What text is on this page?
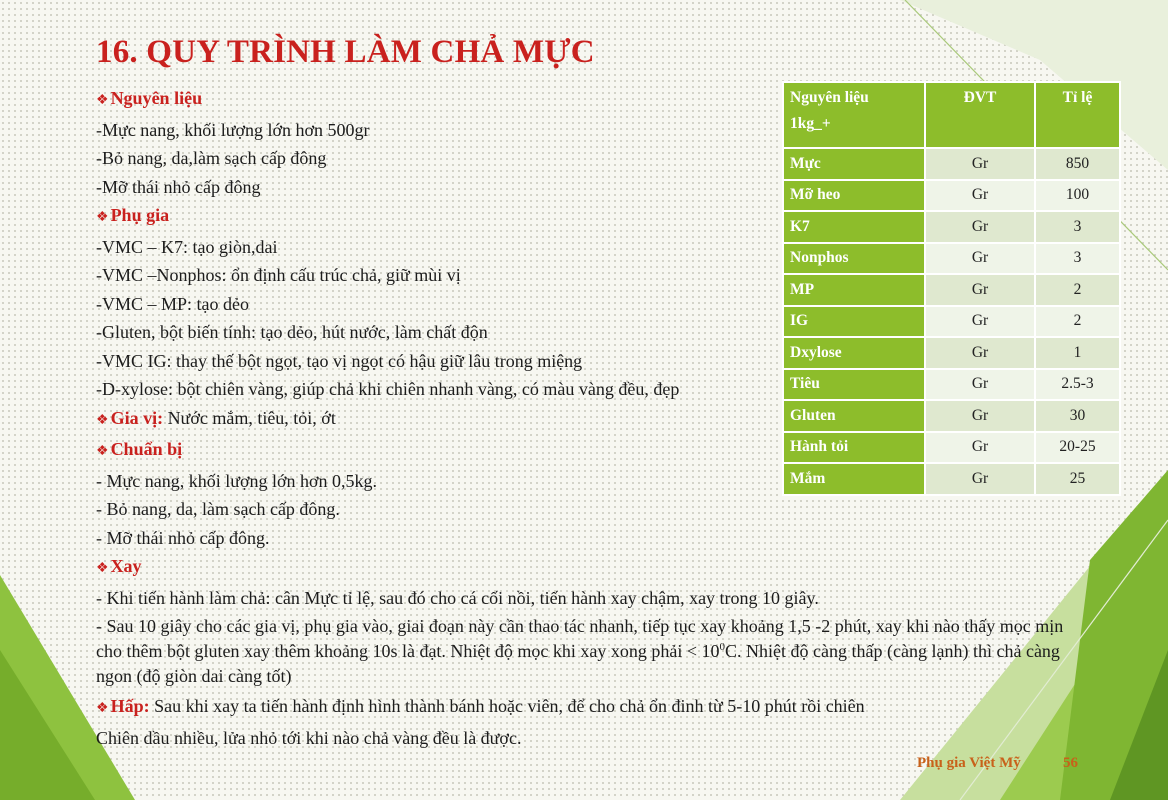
16. QUY TRÌNH LÀM CHẢ MỰC
❖ Nguyên liệu
-Mực nang, khối lượng lớn hơn 500gr
-Bỏ nang, da,làm sạch cấp đông
-Mỡ thái nhỏ cấp đông
❖ Phụ gia
-VMC – K7: tạo giòn,dai
-VMC –Nonphos: ổn định cấu trúc chả, giữ mùi vị
-VMC – MP: tạo dẻo
-Gluten, bột biến tính: tạo dẻo, hút nước, làm chất độn
-VMC IG: thay thế bột ngọt, tạo vị ngọt có hậu giữ lâu trong miệng
-D-xylose: bột chiên vàng, giúp chả khi chiên nhanh vàng, có màu vàng đều, đẹp
❖ Gia vị: Nước mắm, tiêu, tỏi, ớt
❖ Chuẩn bị
- Mực nang, khối lượng lớn hơn 0,5kg.
- Bỏ nang, da, làm sạch cấp đông.
- Mỡ thái nhỏ cấp đông.
❖ Xay
- Khi tiến hành làm chả: cân Mực tỉ lệ, sau đó cho cá cối nồi, tiến hành xay chậm, xay trong 10 giây.
- Sau 10 giây cho các gia vị, phụ gia vào, giai đoạn này cần thao tác nhanh, tiếp tục xay khoảng 1,5 -2 phút, xay khi nào thấy mọc mịn cho thêm bột gluten xay thêm khoảng 10s là đạt. Nhiệt độ mọc khi xay xong phải < $10^0C$. Nhiệt độ càng thấp (càng lạnh) thì chả càng ngon (độ giòn dai càng tốt)
❖ Hấp: Sau khi xay ta tiến hành định hình thành bánh hoặc viên, để cho chả ổn đinh từ 5-10 phút rồi chiên
Chiên dầu nhiều, lửa nhỏ tới khi nào chả vàng đều là được.
Nguyên liệu
1kg_+	ĐVT	Tỉ lệ
Mực	Gr	850
Mỡ heo	Gr	100
K7	Gr	3
Nonphos	Gr	3
MP	Gr	2
IG	Gr	2
Dxylose	Gr	1
Tiêu	Gr	2.5-3
Gluten	Gr	30
Hành tỏi	Gr	20-25
Mắm	Gr	25
Phụ gia Việt Mỹ	56
